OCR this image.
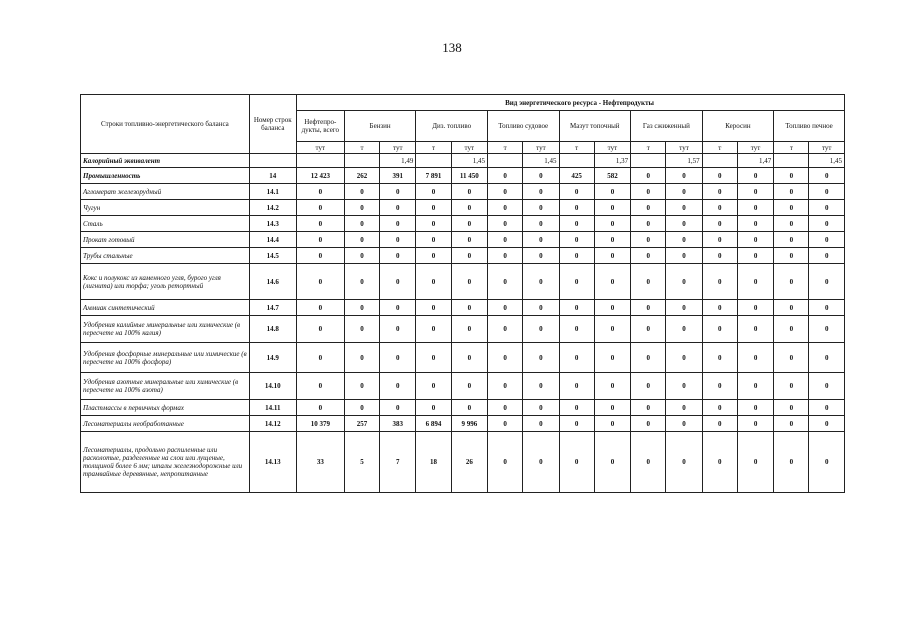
138
Строки топливно-энергетического баланса	Номер строк баланса	Вид энергетического ресурса - Нефтепродукты														
		Нефтепро-дукты, всего	Бензин		Диз. топливо		Топливо судовое		Мазут топочный		Газ сжиженный		Керосин		Топливо печное	
		тут	т	тут	т	тут	т	тут	т	тут	т	тут	т	тут	т	тут
Калорийный эквивалент				1,49		1,45		1,45		1,37		1,57		1,47		1,45
Промышленность	14	12 423	262	391	7 891	11 450	0	0	425	582	0	0	0	0	0	0
Агломерат железорудный	14.1	0	0	0	0	0	0	0	0	0	0	0	0	0	0	0
Чугун	14.2	0	0	0	0	0	0	0	0	0	0	0	0	0	0	0
Сталь	14.3	0	0	0	0	0	0	0	0	0	0	0	0	0	0	0
Прокат готовый	14.4	0	0	0	0	0	0	0	0	0	0	0	0	0	0	0
Трубы стальные	14.5	0	0	0	0	0	0	0	0	0	0	0	0	0	0	0
Кокс и полукокс из каменного угля, бурого угля (лигнита) или торфа; уголь ретортный	14.6	0	0	0	0	0	0	0	0	0	0	0	0	0	0	0
Аммиак синтетический	14.7	0	0	0	0	0	0	0	0	0	0	0	0	0	0	0
Удобрения калийные минеральные или химические (в пересчете на 100% калия)	14.8	0	0	0	0	0	0	0	0	0	0	0	0	0	0	0
Удобрения фосфорные минеральные или химические (в пересчете на 100% фосфора)	14.9	0	0	0	0	0	0	0	0	0	0	0	0	0	0	0
Удобрения азотные минеральные или химические (в пересчете на 100% азота)	14.10	0	0	0	0	0	0	0	0	0	0	0	0	0	0	0
Пластмассы в первичных формах	14.11	0	0	0	0	0	0	0	0	0	0	0	0	0	0	0
Лесоматериалы необработанные	14.12	10 379	257	383	6 894	9 996	0	0	0	0	0	0	0	0	0	0
Лесоматериалы, продольно распиленные или расколотые, разделенные на слои или лущеные, толщиной более 6 мм; шпалы железнодорожные или трамвайные деревянные, непропитанные	14.13	33	5	7	18	26	0	0	0	0	0	0	0	0	0	0
